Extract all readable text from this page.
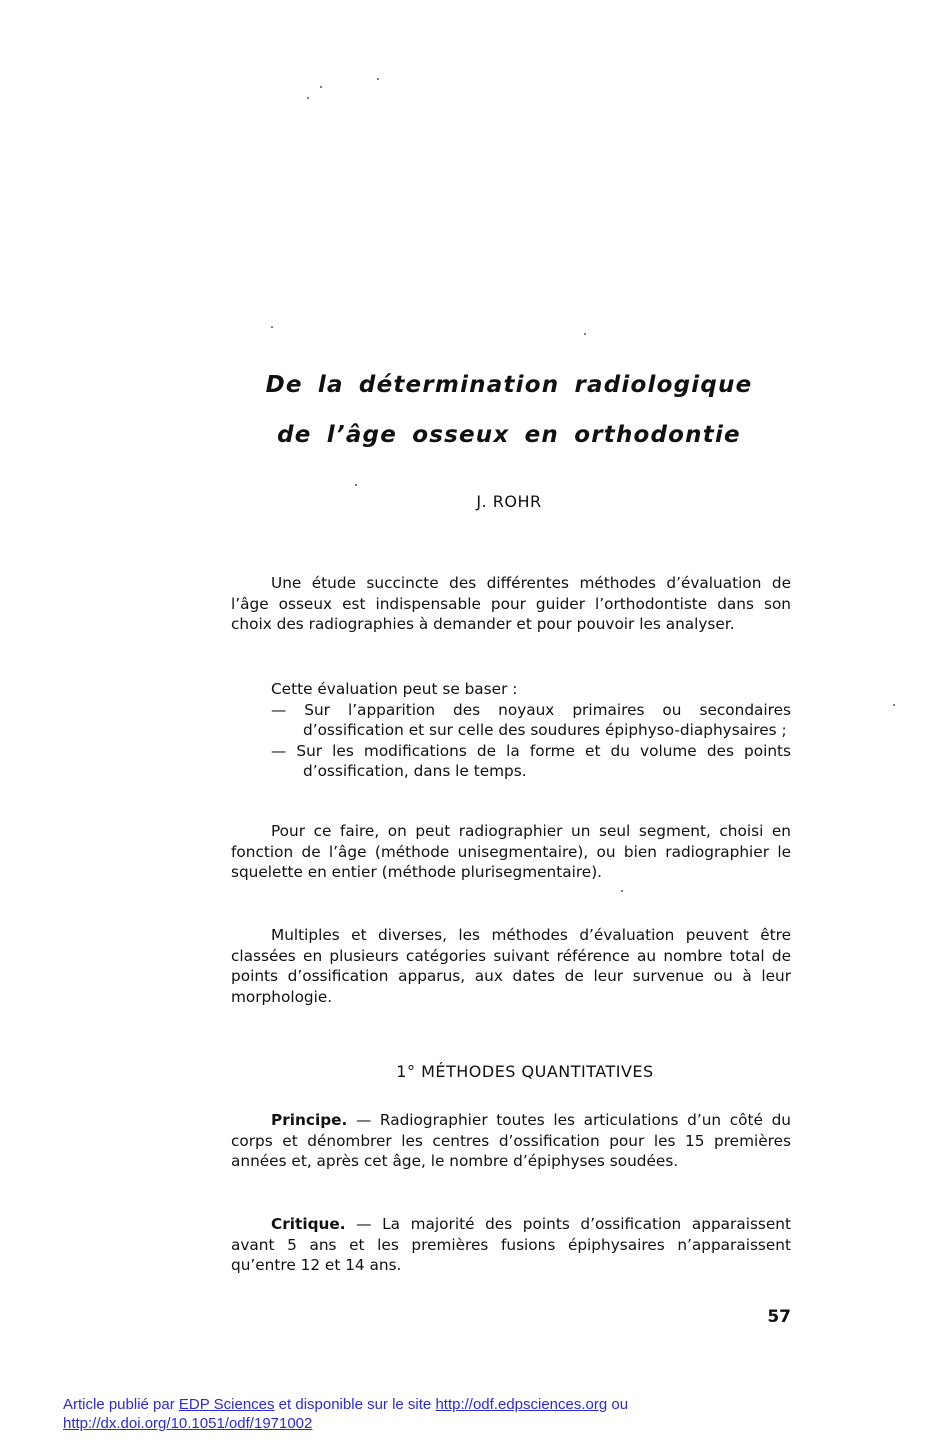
De la détermination radiologique
de l’âge osseux en orthodontie
J. ROHR

Une étude succincte des différentes méthodes d’évaluation de l’âge osseux est indispensable pour guider l’orthodontiste dans son choix des radiographies à demander et pour pouvoir les analyser.

Cette évaluation peut se baser :

— Sur l’apparition des noyaux primaires ou secondaires d’ossification et sur celle des soudures épiphyso-diaphysaires ;
— Sur les modifications de la forme et du volume des points d’ossification, dans le temps.

Pour ce faire, on peut radiographier un seul segment, choisi en fonction de l’âge (méthode unisegmentaire), ou bien radiographier le squelette en entier (méthode plurisegmentaire).

Multiples et diverses, les méthodes d’évaluation peuvent être classées en plusieurs catégories suivant référence au nombre total de points d’ossification apparus, aux dates de leur survenue ou à leur morphologie.

1° MÉTHODES QUANTITATIVES

Principe. — Radiographier toutes les articulations d’un côté du corps et dénombrer les centres d’ossification pour les 15 premières années et, après cet âge, le nombre d’épiphyses soudées.

Critique. — La majorité des points d’ossification apparaissent avant 5 ans et les premières fusions épiphysaires n’apparaissent qu’entre 12 et 14 ans.

57
Article publié par EDP Sciences et disponible sur le site http://odf.edpsciences.org ou
http://dx.doi.org/10.1051/odf/1971002
